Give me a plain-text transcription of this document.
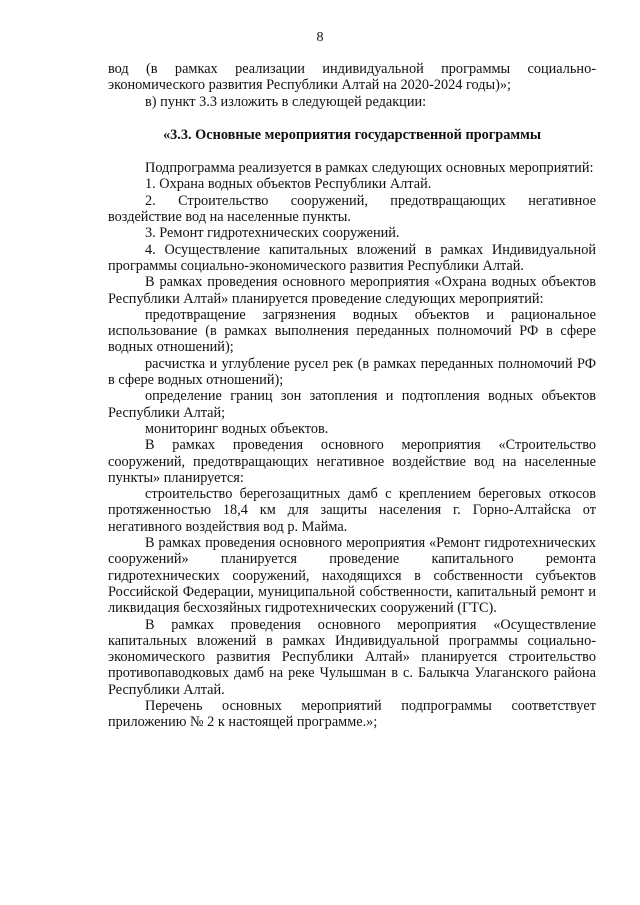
8

вод (в рамках реализации индивидуальной программы социально-экономического развития Республики Алтай на 2020-2024 годы)»;

в) пункт 3.3 изложить в следующей редакции:

«3.3. Основные мероприятия государственной программы

Подпрограмма реализуется в рамках следующих основных мероприятий:

1. Охрана водных объектов Республики Алтай.

2. Строительство сооружений, предотвращающих негативное воздействие вод на населенные пункты.

3. Ремонт гидротехнических сооружений.

4. Осуществление капитальных вложений в рамках Индивидуальной программы социально-экономического развития Республики Алтай.

В рамках проведения основного мероприятия «Охрана водных объектов Республики Алтай» планируется проведение следующих мероприятий:

предотвращение загрязнения водных объектов и рациональное использование (в рамках выполнения переданных полномочий РФ в сфере водных отношений);

расчистка и углубление русел рек (в рамках переданных полномочий РФ в сфере водных отношений);

определение границ зон затопления и подтопления водных объектов Республики Алтай;

мониторинг водных объектов.

В рамках проведения основного мероприятия «Строительство сооружений, предотвращающих негативное воздействие вод на населенные пункты» планируется:

строительство берегозащитных дамб с креплением береговых откосов протяженностью 18,4 км для защиты населения г. Горно-Алтайска от негативного воздействия вод р. Майма.

В рамках проведения основного мероприятия «Ремонт гидротехнических сооружений» планируется проведение капитального ремонта гидротехнических сооружений, находящихся в собственности субъектов Российской Федерации, муниципальной собственности, капитальный ремонт и ликвидация бесхозяйных гидротехнических сооружений (ГТС).

В рамках проведения основного мероприятия «Осуществление капитальных вложений в рамках Индивидуальной программы социально-экономического развития Республики Алтай» планируется строительство противопаводковых дамб на реке Чулышман в с. Балыкча Улаганского района Республики Алтай.

Перечень основных мероприятий подпрограммы соответствует приложению № 2 к настоящей программе.»;
